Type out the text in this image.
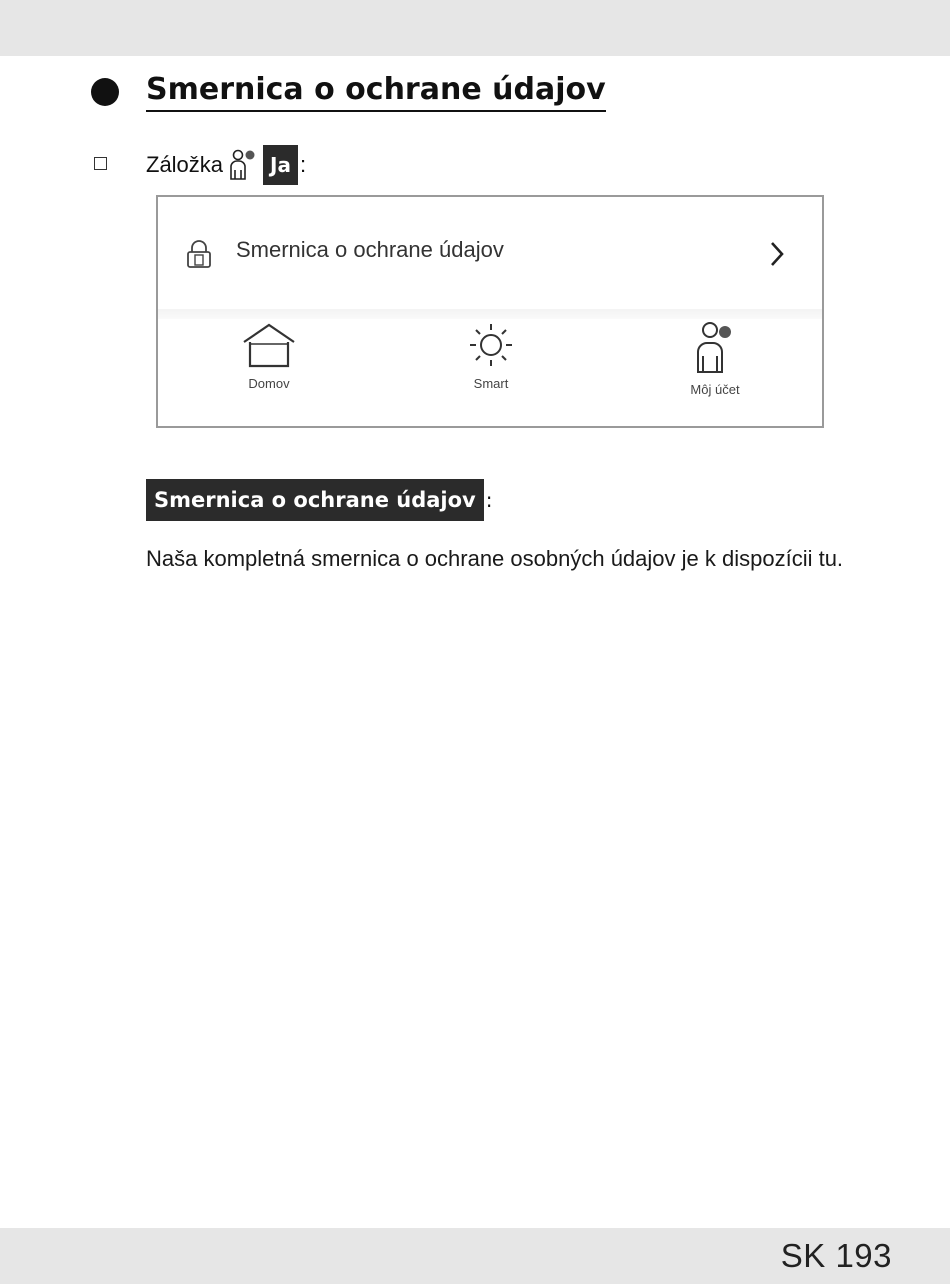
Smernica o ochrane údajov
Záložka	Ja :
Smernica o ochrane údajov
Domov	Smart	Môj účet
Smernica o ochrane údajov :

Naša kompletná smernica o ochrane osobných údajov je k dispozícii tu.

SK 193
